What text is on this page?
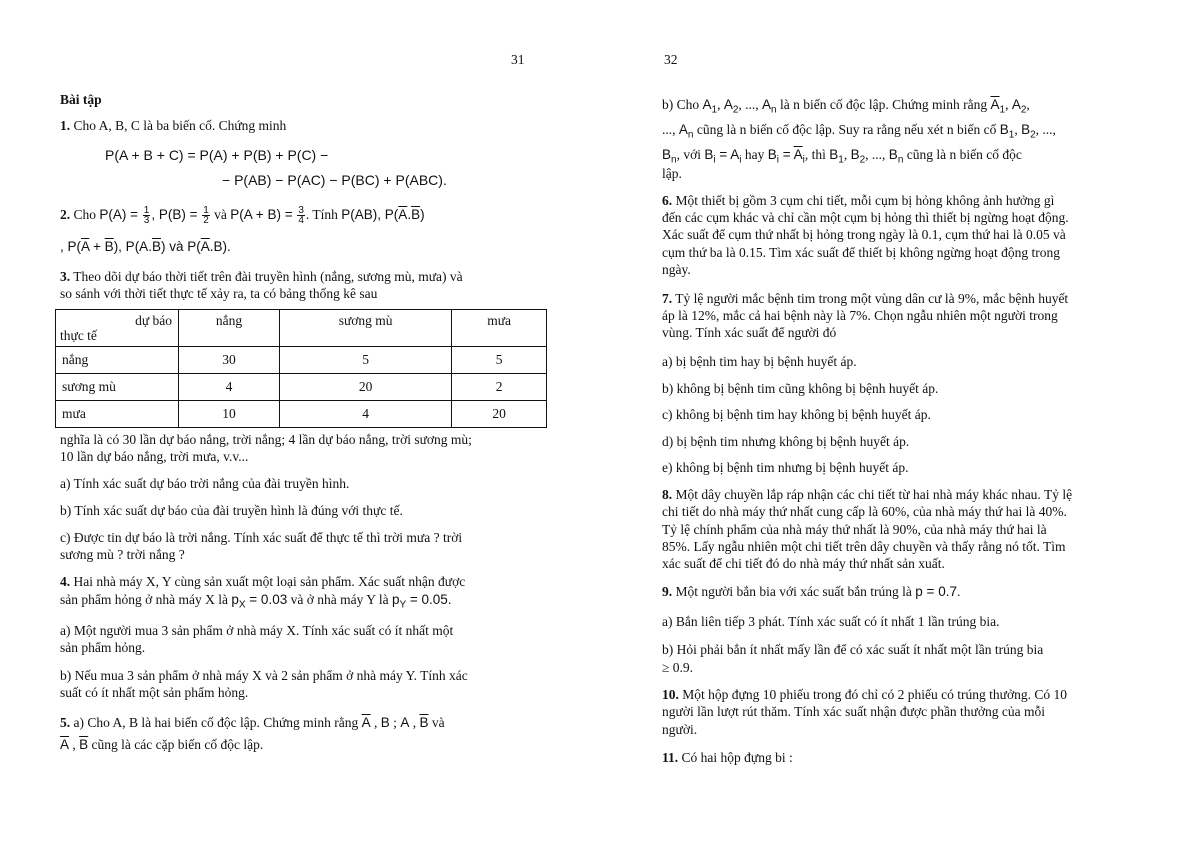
31
Bài tập
1. Cho A, B, C là ba biến cố. Chứng minh
P(A + B + C) = P(A) + P(B) + P(C) −
− P(AB) − P(AC) − P(BC) + P(ABC).
2. Cho $P(A) = \frac{1}{3}$ , $P(B) = \frac{1}{2}$ và $P(A + B) = \frac{3}{4}$ . Tính P(AB), $P(\overline{A}.\overline{B})$
, $P(\overline{A} + \overline{B})$, $P(A.\overline{B})$ và $P(\overline{A}.B)$.
3. Theo dõi dự báo thời tiết trên đài truyền hình (nắng, sương mù, mưa) và
so sánh với thời tiết thực tế xảy ra, ta có bảng thống kê sau
dự báo
thực tế	nắng	sương mù	mưa
nắng	30	5	5
sương mù	4	20	2
mưa	10	4	20
nghĩa là có 30 lần dự báo nắng, trời nắng; 4 lần dự báo nắng, trời sương mù;
10 lần dự báo nắng, trời mưa, v.v...
a) Tính xác suất dự báo trời nắng của đài truyền hình.
b) Tính xác suất dự báo của đài truyền hình là đúng với thực tế.
c) Được tin dự báo là trời nắng. Tính xác suất để thực tế thì trời mưa ? trời
sương mù ? trời nắng ?
4. Hai nhà máy X, Y cùng sản xuất một loại sản phẩm. Xác suất nhận được
sản phẩm hỏng ở nhà máy X là $p_X = 0.03$ và ở nhà máy Y là $p_Y = 0.05$.
a) Một người mua 3 sản phẩm ở nhà máy X. Tính xác suất có ít nhất một
sản phẩm hỏng.
b) Nếu mua 3 sản phẩm ở nhà máy X và 2 sản phẩm ở nhà máy Y. Tính xác
suất có ít nhất một sản phẩm hỏng.
5. a) Cho A, B là hai biến cố độc lập. Chứng minh rằng $\overline{A}$ , B ; A , $\overline{B}$ và
$\overline{A}$ , $\overline{B}$ cũng là các cặp biến cố độc lập.
32
b) Cho $A_1$, $A_2$, ..., $A_n$ là n biến cố độc lập. Chứng minh rằng $\overline{A}_1$, $A_2$,
..., $A_n$ cũng là n biến cố độc lập. Suy ra rằng nếu xét n biến cố $B_1$, $B_2$, ...,
$B_n$, với $B_i = A_i$ hay $B_i = \overline{A}_i$, thì $B_1$, $B_2$, ..., $B_n$ cũng là n biến cố độc
lập.
6. Một thiết bị gồm 3 cụm chi tiết, mỗi cụm bị hỏng không ảnh hưởng gì
đến các cụm khác và chỉ cần một cụm bị hỏng thì thiết bị ngừng hoạt động.
Xác suất để cụm thứ nhất bị hỏng trong ngày là 0.1, cụm thứ hai là 0.05 và
cụm thứ ba là 0.15. Tìm xác suất để thiết bị không ngừng hoạt động trong
ngày.
7. Tỷ lệ người mắc bệnh tim trong một vùng dân cư là 9%, mắc bệnh huyết
áp là 12%, mắc cả hai bệnh này là 7%. Chọn ngẫu nhiên một người trong
vùng. Tính xác suất để người đó
a) bị bệnh tim hay bị bệnh huyết áp.
b) không bị bệnh tim cũng không bị bệnh huyết áp.
c) không bị bệnh tim hay không bị bệnh huyết áp.
d) bị bệnh tim nhưng không bị bệnh huyết áp.
e) không bị bệnh tim nhưng bị bệnh huyết áp.
8. Một dây chuyền lắp ráp nhận các chi tiết từ hai nhà máy khác nhau. Tỷ lệ
chi tiết do nhà máy thứ nhất cung cấp là 60%, của nhà máy thứ hai là 40%.
Tỷ lệ chính phẩm của nhà máy thứ nhất là 90%, của nhà máy thứ hai là
85%. Lấy ngẫu nhiên một chi tiết trên dây chuyền và thấy rằng nó tốt. Tìm
xác suất để chi tiết đó do nhà máy thứ nhất sản xuất.
9. Một người bắn bia với xác suất bắn trúng là p = 0.7.
a) Bắn liên tiếp 3 phát. Tính xác suất có ít nhất 1 lần trúng bia.
b) Hỏi phải bắn ít nhất mấy lần để có xác suất ít nhất một lần trúng bia
≥ 0.9.
10. Một hộp đựng 10 phiếu trong đó chỉ có 2 phiếu có trúng thưởng. Có 10
người lần lượt rút thăm. Tính xác suất nhận được phần thưởng của mỗi
người.
11. Có hai hộp đựng bi :
